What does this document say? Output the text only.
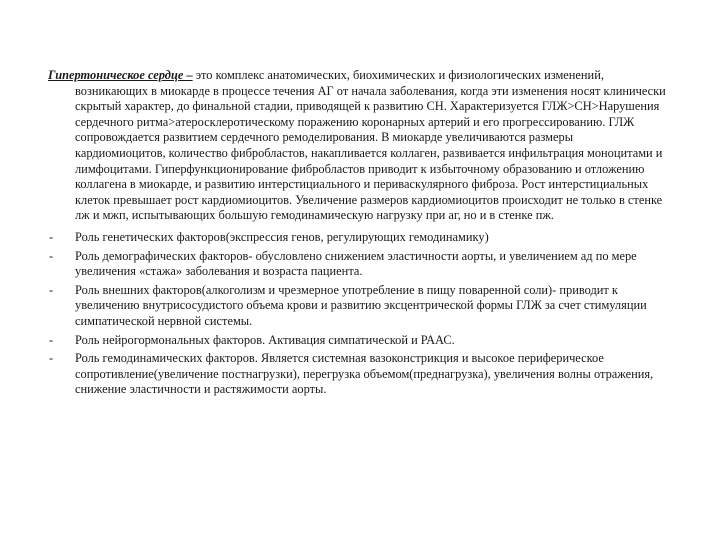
Гипертоническое сердце – это комплекс анатомических, биохимических и физиологических изменений, возникающих в миокарде в процессе течения АГ от начала заболевания, когда эти изменения носят клинически скрытый характер, до финальной стадии, приводящей к развитию СН. Характеризуется ГЛЖ˃СН˃Нарушения сердечного ритма˃атеросклеротическому поражению коронарных артерий и его прогрессированию. ГЛЖ сопровождается развитием сердечного ремоделирования. В миокарде увеличиваются размеры кардиомиоцитов, количество фибробластов, накапливается коллаген, развивается инфильтрация моноцитами и лимфоцитами. Гиперфункционирование фибробластов приводит к избыточному образованию и отложению коллагена в миокарде, и развитию интерстициального и периваскулярного фиброза. Рост интерстициальных клеток превышает рост кардиомиоцитов. Увеличение размеров кардиомиоцитов происходит не только в стенке лж и мжп, испытывающих большую гемодинамическую нагрузку при аг, но и в стенке пж.

- Роль генетических факторов(экспрессия генов, регулирующих гемодинамику)
- Роль демографических факторов- обусловлено снижением эластичности аорты, и увеличением ад по мере увеличения «стажа» заболевания и возраста пациента.
- Роль внешних факторов(алкоголизм и чрезмерное употребление в пищу поваренной соли)- приводит к увеличению внутрисосудистого объема крови и развитию эксцентрической формы ГЛЖ за счет стимуляции симпатической нервной системы.
- Роль нейрогормональных факторов. Активация симпатической и РААС.
- Роль гемодинамических факторов. Является системная вазоконстрикция и высокое периферическое сопротивление(увеличение постнагрузки), перегрузка объемом(преднагрузка), увеличения волны отражения, снижение эластичности и растяжимости аорты.
